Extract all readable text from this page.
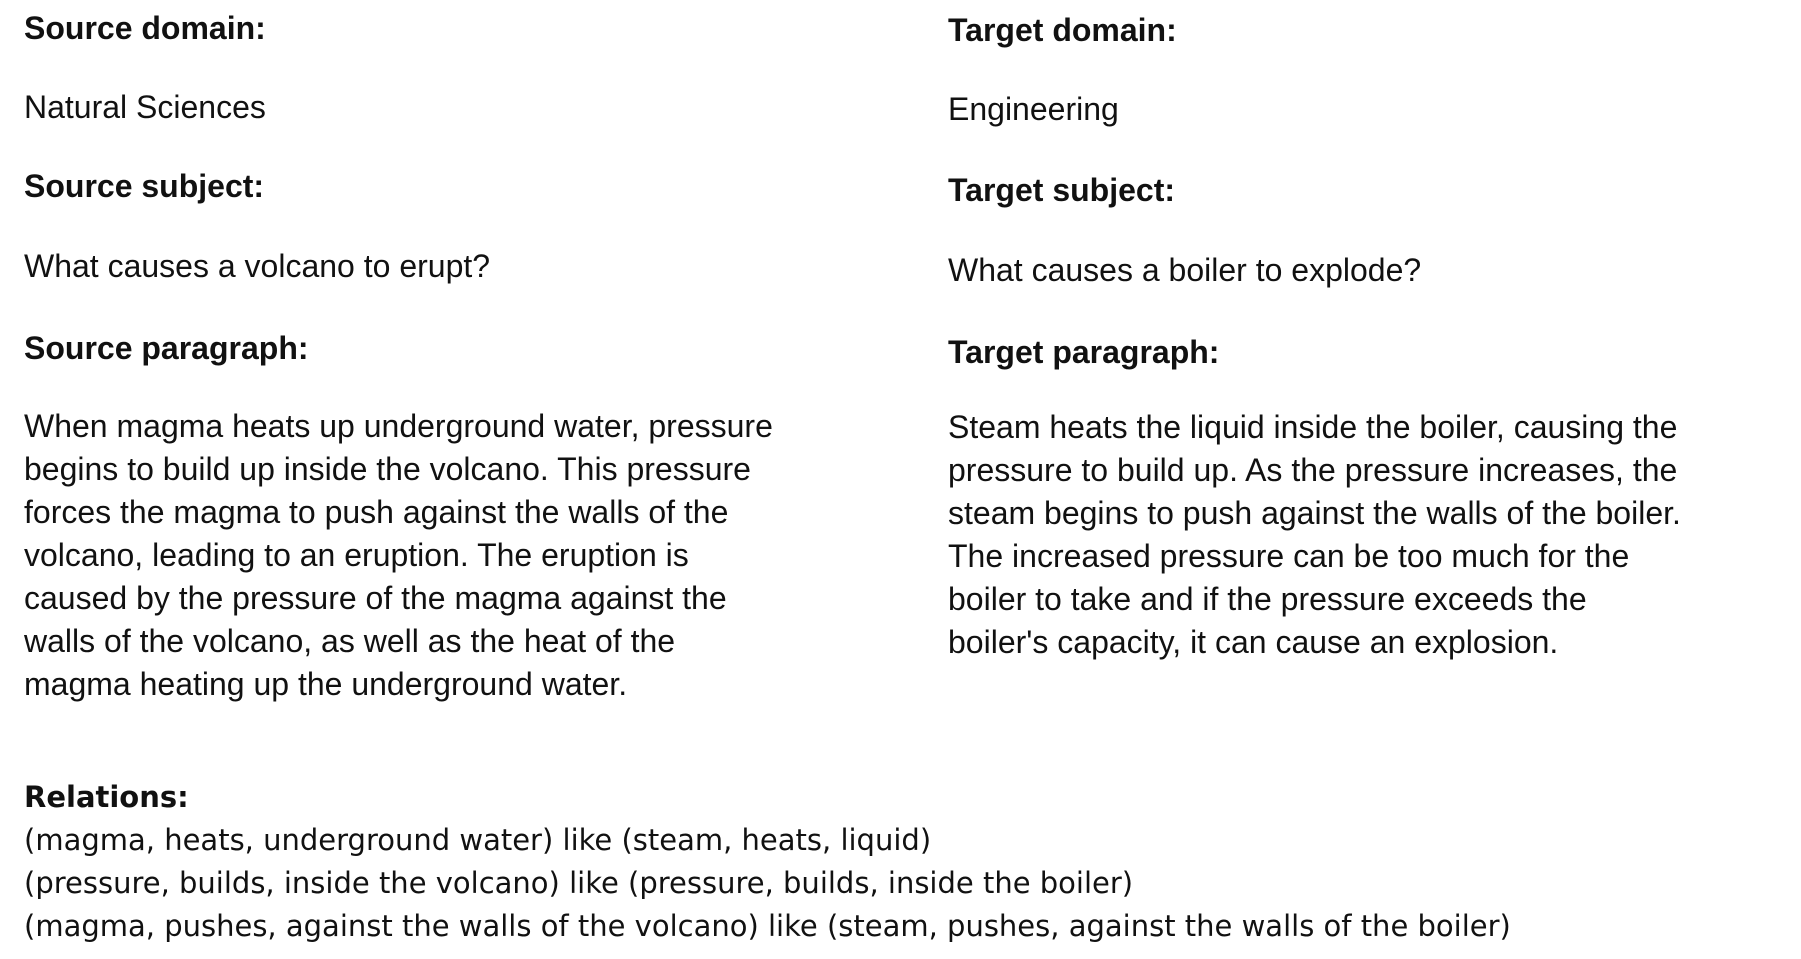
Source domain:
Natural Sciences
Source subject:
What causes a volcano to erupt?
Source paragraph:
When magma heats up underground water, pressure
begins to build up inside the volcano. This pressure
forces the magma to push against the walls of the
volcano, leading to an eruption. The eruption is
caused by the pressure of the magma against the
walls of the volcano, as well as the heat of the
magma heating up the underground water.
Target domain:
Engineering
Target subject:
What causes a boiler to explode?
Target paragraph:
Steam heats the liquid inside the boiler, causing the
pressure to build up. As the pressure increases, the
steam begins to push against the walls of the boiler.
The increased pressure can be too much for the
boiler to take and if the pressure exceeds the
boiler's capacity, it can cause an explosion.
Relations:
(magma, heats, underground water) like (steam, heats, liquid)
(pressure, builds, inside the volcano) like (pressure, builds, inside the boiler)
(magma, pushes, against the walls of the volcano) like (steam, pushes, against the walls of the boiler)
